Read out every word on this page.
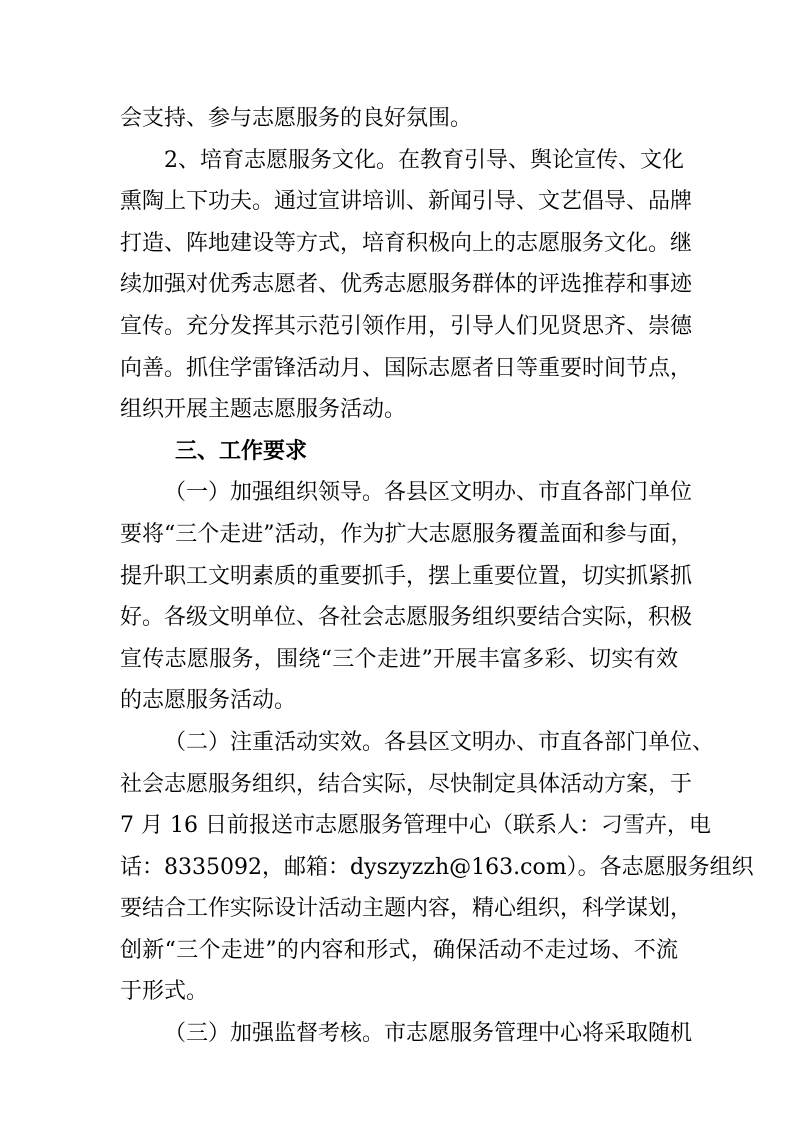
会支持、参与志愿服务的良好氛围。
2、培育志愿服务文化。在教育引导、舆论宣传、文化
熏陶上下功夫。通过宣讲培训、新闻引导、文艺倡导、品牌
打造、阵地建设等方式，培育积极向上的志愿服务文化。继
续加强对优秀志愿者、优秀志愿服务群体的评选推荐和事迹
宣传。充分发挥其示范引领作用，引导人们见贤思齐、崇德
向善。抓住学雷锋活动月、国际志愿者日等重要时间节点，
组织开展主题志愿服务活动。
三、工作要求
（一）加强组织领导。各县区文明办、市直各部门单位
要将“三个走进”活动，作为扩大志愿服务覆盖面和参与面，
提升职工文明素质的重要抓手，摆上重要位置，切实抓紧抓
好。各级文明单位、各社会志愿服务组织要结合实际，积极
宣传志愿服务，围绕“三个走进”开展丰富多彩、切实有效
的志愿服务活动。
（二）注重活动实效。各县区文明办、市直各部门单位、
社会志愿服务组织，结合实际，尽快制定具体活动方案，于
7 月 16 日前报送市志愿服务管理中心（联系人：刁雪卉，电
话：8335092，邮箱：dyszyzzh@163.com）。各志愿服务组织
要结合工作实际设计活动主题内容，精心组织，科学谋划，
创新“三个走进”的内容和形式，确保活动不走过场、不流
于形式。
（三）加强监督考核。市志愿服务管理中心将采取随机
